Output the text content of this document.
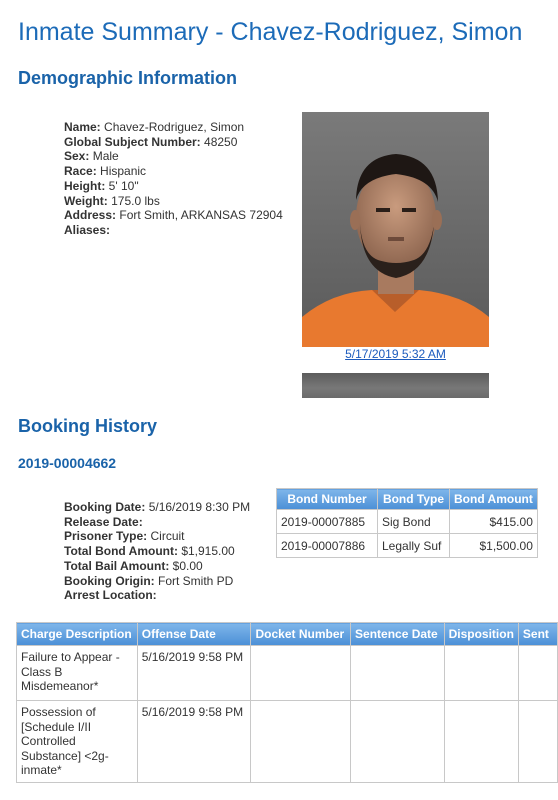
Inmate Summary - Chavez-Rodriguez, Simon
Demographic Information
Name: Chavez-Rodriguez, Simon
Global Subject Number: 48250
Sex: Male
Race: Hispanic
Height: 5' 10"
Weight: 175.0 lbs
Address: Fort Smith, ARKANSAS 72904
Aliases:
5/17/2019 5:32 AM
Booking History
2019-00004662
Booking Date: 5/16/2019 8:30 PM
Release Date:
Prisoner Type: Circuit
Total Bond Amount: $1,915.00
Total Bail Amount: $0.00
Booking Origin: Fort Smith PD
Arrest Location:
Bond Number	Bond Type	Bond Amount
2019-00007885	Sig Bond	$415.00
2019-00007886	Legally Suf	$1,500.00
Charge Description	Offense Date	Docket Number	Sentence Date	Disposition	Sent
Failure to Appear - Class B Misdemeanor*	5/16/2019 9:58 PM				
Possession of [Schedule I/II Controlled Substance] <2g-inmate*	5/16/2019 9:58 PM				
